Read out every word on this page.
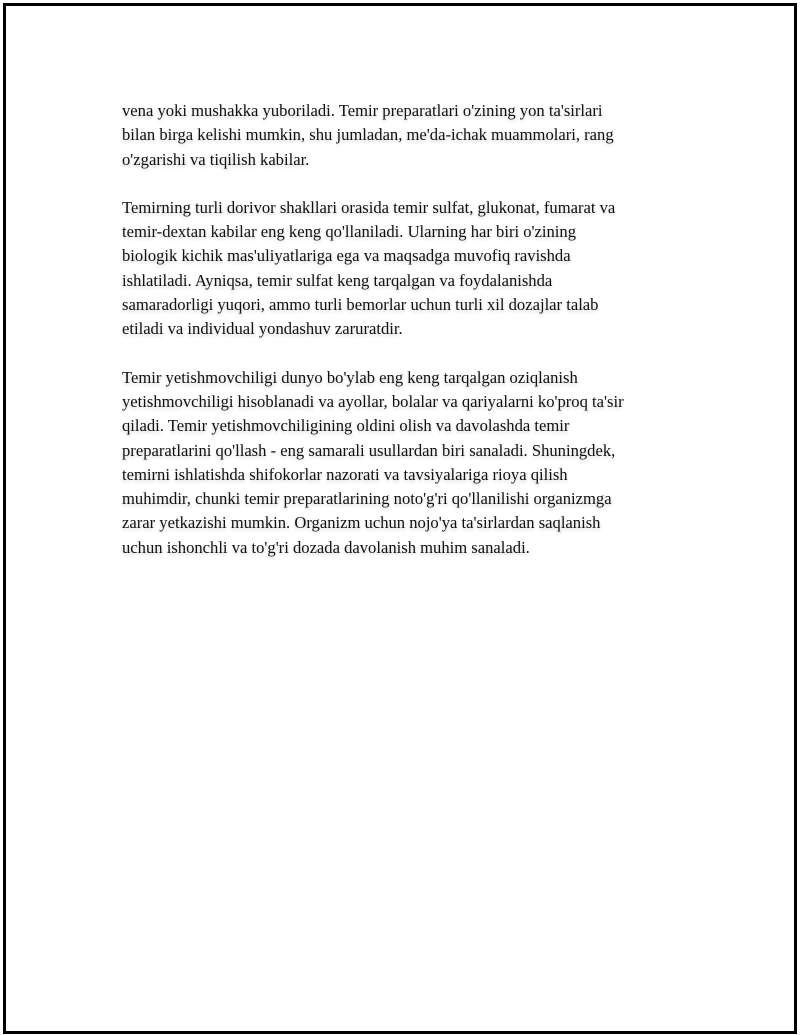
vena yoki mushakka yuboriladi. Temir preparatlari o'zining yon ta'sirlari
bilan birga kelishi mumkin, shu jumladan, me'da-ichak muammolari, rang
o'zgarishi va tiqilish kabilar.

Temirning turli dorivor shakllari orasida temir sulfat, glukonat, fumarat va
temir-dextan kabilar eng keng qo'llaniladi. Ularning har biri o'zining
biologik kichik mas'uliyatlariga ega va maqsadga muvofiq ravishda
ishlatiladi. Ayniqsa, temir sulfat keng tarqalgan va foydalanishda
samaradorligi yuqori, ammo turli bemorlar uchun turli xil dozajlar talab
etiladi va individual yondashuv zaruratdir.

Temir yetishmovchiligi dunyo bo'ylab eng keng tarqalgan oziqlanish
yetishmovchiligi hisoblanadi va ayollar, bolalar va qariyalarni ko'proq ta'sir
qiladi. Temir yetishmovchiligining oldini olish va davolashda temir
preparatlarini qo'llash - eng samarali usullardan biri sanaladi. Shuningdek,
temirni ishlatishda shifokorlar nazorati va tavsiyalariga rioya qilish
muhimdir, chunki temir preparatlarining noto'g'ri qo'llanilishi organizmga
zarar yetkazishi mumkin. Organizm uchun nojo'ya ta'sirlardan saqlanish
uchun ishonchli va to'g'ri dozada davolanish muhim sanaladi.
